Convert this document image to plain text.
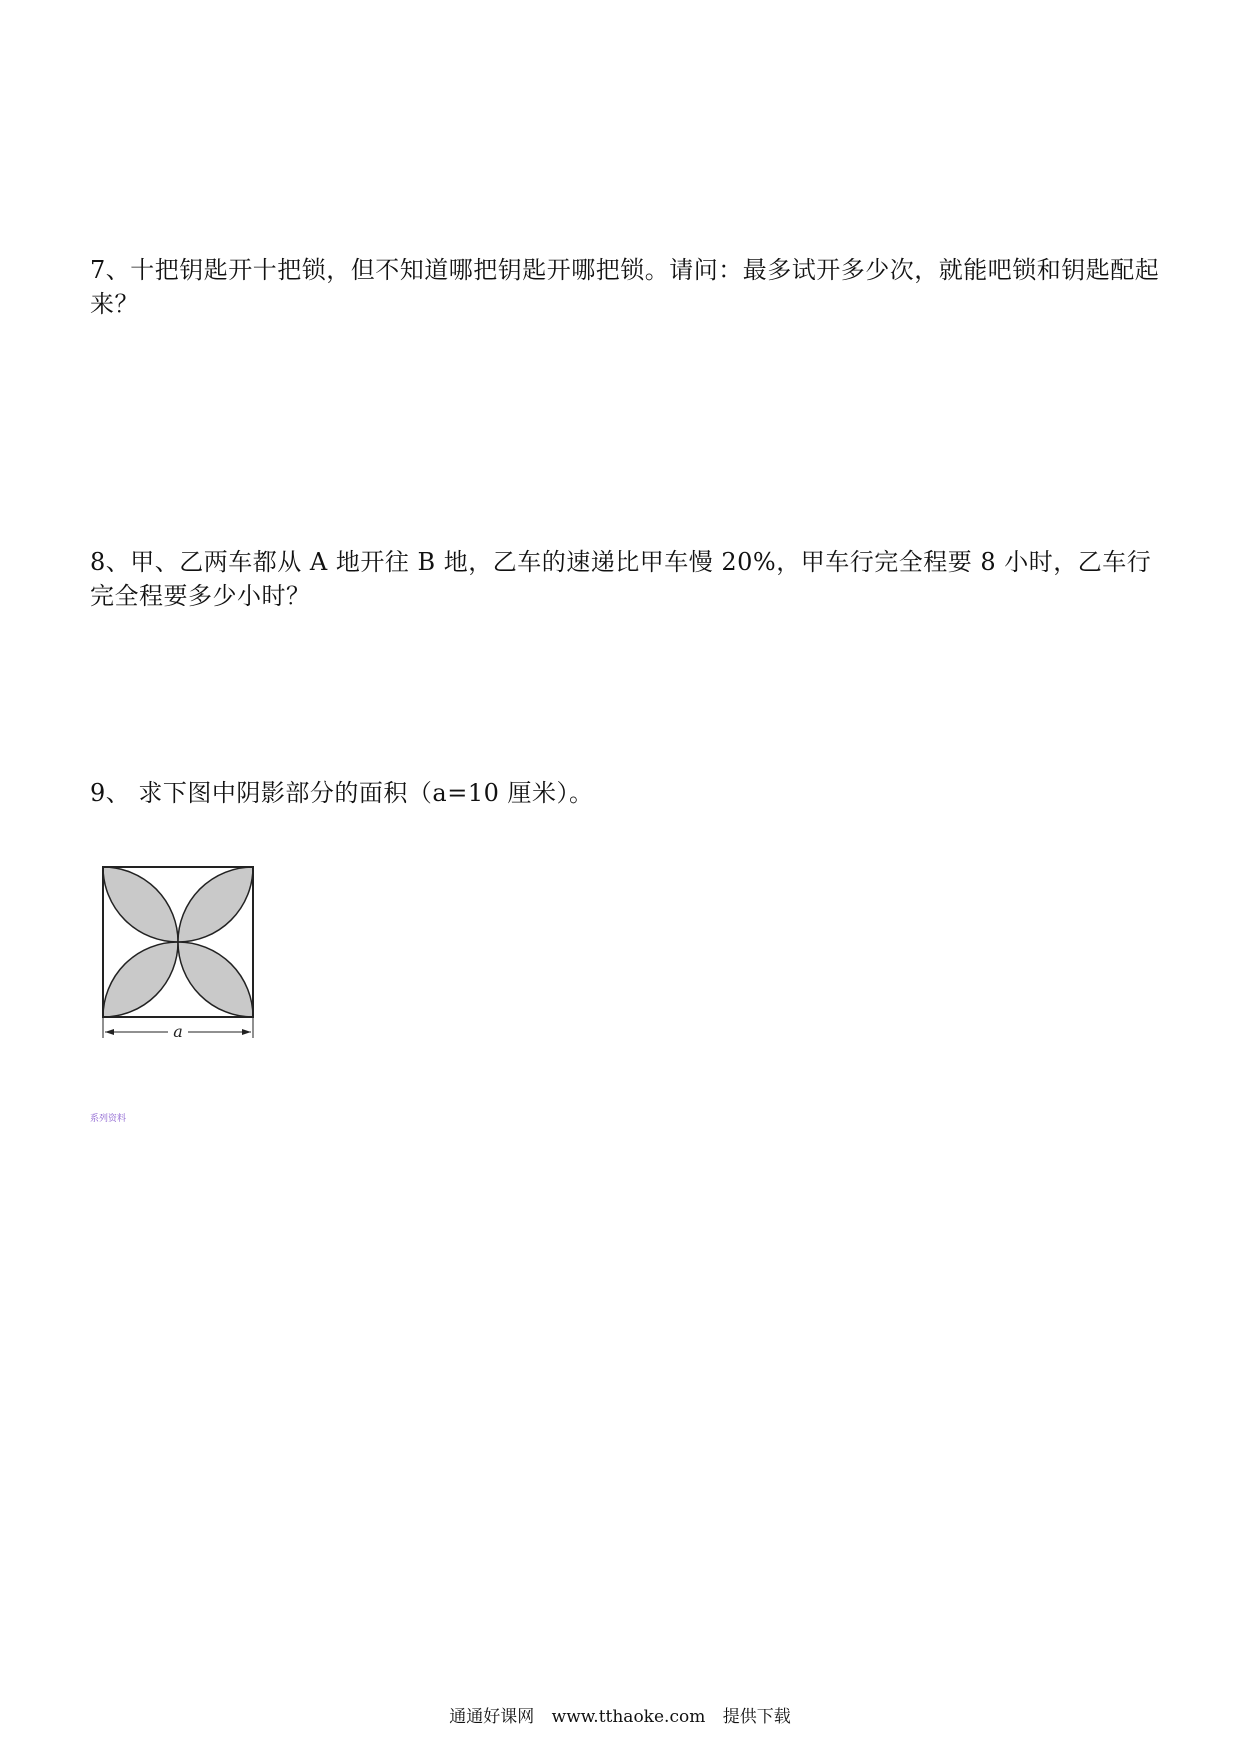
7、十把钥匙开十把锁，但不知道哪把钥匙开哪把锁。请问：最多试开多少次，就能吧锁和钥匙配起来？
8、甲、乙两车都从 A 地开往 B 地，乙车的速递比甲车慢 20%，甲车行完全程要 8 小时，乙车行完全程要多少小时？
9、 求下图中阴影部分的面积（a=10 厘米）。
a
系列资料
通通好课网 www.tthaoke.com 提供下载
